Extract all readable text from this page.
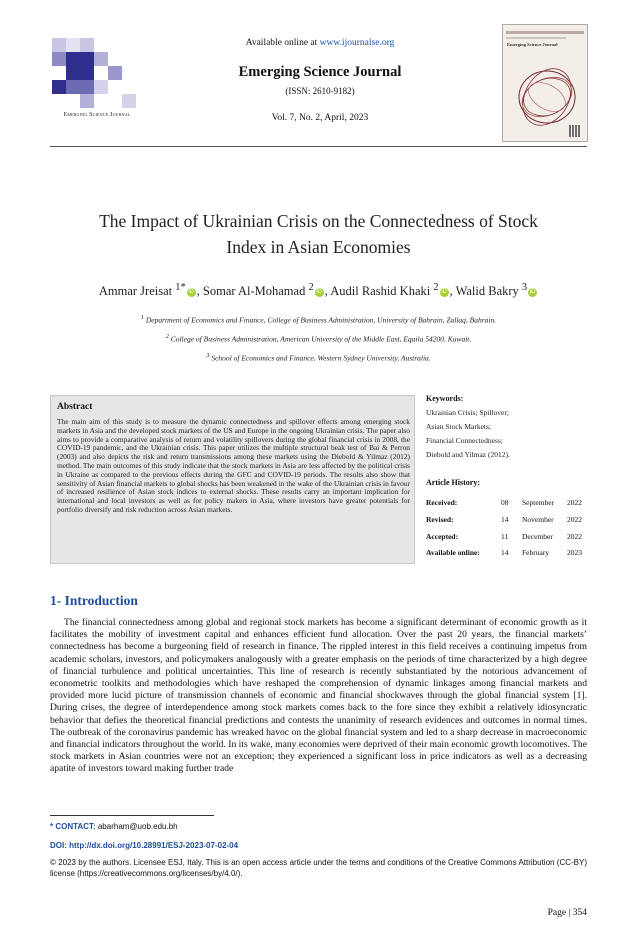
Emerging Science Journal
Available online at www.ijournalse.org
Emerging Science Journal
(ISSN: 2610-9182)
Vol. 7, No. 2, April, 2023
Emerging Science Journal
The Impact of Ukrainian Crisis on the Connectedness of Stock
Index in Asian Economies
Ammar Jreisat $^{1*}$ iD , Somar Al-Mohamad $^2$ iD , Audil Rashid Khaki $^2$ iD , Walid Bakry $^3$ iD
$^1$ Department of Economics and Finance, College of Business Administration, University of Bahrain, Zallaq, Bahrain.
$^2$ College of Business Administration, American University of the Middle East, Eqaila 54200, Kuwait.
$^3$ School of Economics and Finance, Western Sydney University, Australia.
Abstract
The main aim of this study is to measure the dynamic connectedness and spillover effects among emerging stock markets in Asia and the developed stock markets of the US and Europe in the ongoing Ukrainian crisis. The paper also aims to provide a comparative analysis of return and volatility spillovers during the global financial crisis in 2008, the COVID-19 pandemic, and the Ukrainian crisis. This paper utilizes the multiple structural beak test of Bai & Perron (2003) and also depicts the risk and return transmissions among these markets using the Diebold & Yilmaz (2012) method. The main outcomes of this study indicate that the stock markets in Asia are less affected by the political crisis in Ukraine as compared to the previous effects during the GFC and COVID-19 periods. The results also show that sensitivity of Asian financial markets to global shocks has been weakened in the wake of the Ukrainian crisis in favour of increased resilience of Asian stock indices to external shocks. These results carry an important implication for international and local investors as well as for policy makers in Asia, where investors have greater potentials for portfolio diversify and risk reduction across Asian markets.
Keywords:
Ukrainian Crisis; Spillover;
Asian Stock Markets;
Financial Connectedness;
Diebold and Yilmaz (2012).
Article History:
Received:	08 September 2022
Revised:	14 November 2022
Accepted:	11 December 2022
Available online:	14 February 2023
1- Introduction
The financial connectedness among global and regional stock markets has become a significant determinant of economic growth as it facilitates the mobility of investment capital and enhances efficient fund allocation. Over the past 20 years, the financial markets’ connectedness has become a burgeoning field of research in finance. The rippled interest in this field receives a continuing impetus from academic scholars, investors, and policymakers analogously with a greater emphasis on the periods of time characterized by a high degree of financial turbulence and political uncertainties. This line of research is recently substantiated by the notorious advancement of econometric toolkits and methodologies which have reshaped the comprehension of dynamic linkages among financial markets and provided more lucid picture of transmission channels of economic and financial shockwaves through the global financial system [1]. During crises, the degree of interdependence among stock markets comes back to the fore since they exhibit a relatively idiosyncratic behavior that defies the theoretical financial predictions and contests the unanimity of research evidences and outcomes in normal times. The outbreak of the coronavirus pandemic has wreaked havoc on the global financial system and led to a sharp decrease in macroeconomic and financial indicators throughout the world. In its wake, many economies were deprived of their main economic growth locomotives. The stock markets in Asian countries were not an exception; they experienced a significant loss in price indicators as well as a decreasing apatite of investors toward making further trade
* CONTACT: abarham@uob.edu.bh
DOI: http://dx.doi.org/10.28991/ESJ-2023-07-02-04
© 2023 by the authors. Licensee ESJ, Italy. This is an open access article under the terms and conditions of the Creative Commons Attribution (CC-BY) license (https://creativecommons.org/licenses/by/4.0/).
Page | 354
